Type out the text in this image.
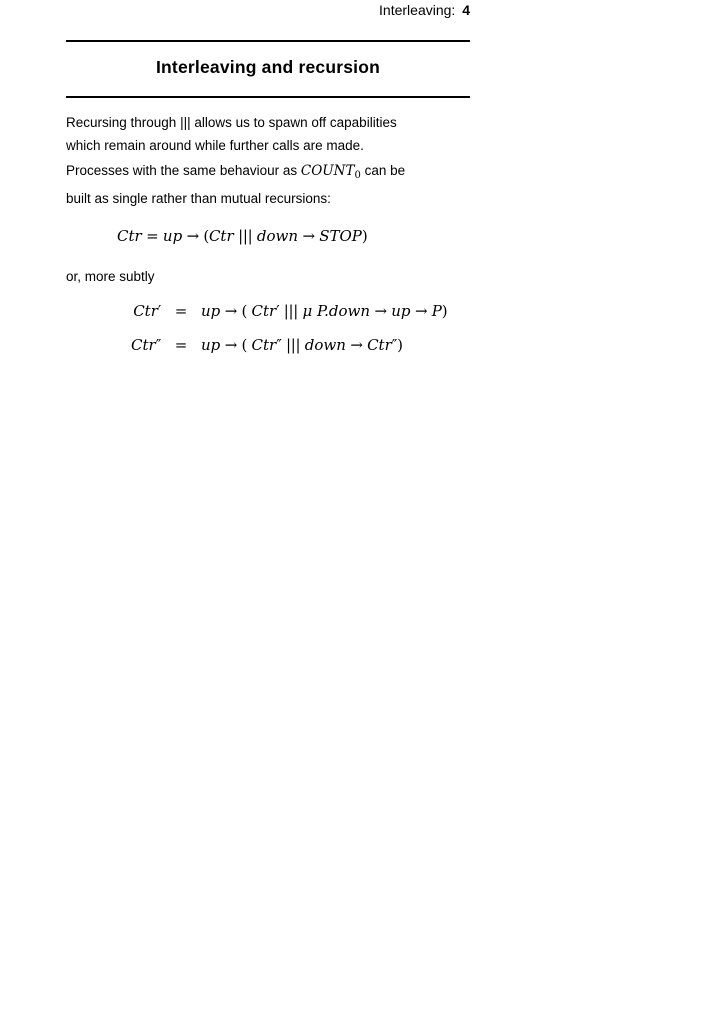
Interleaving: 4
Interleaving and recursion
Recursing through ||| allows us to spawn off capabilities
which remain around while further calls are made.
Processes with the same behaviour as $COUNT_0$ can be
built as single rather than mutual recursions:
Ctr = up → (Ctr ||| down → STOP)
or, more subtly
Ctr′ = up → ( Ctr′ ||| μ P.down → up → P)
Ctr″ = up → ( Ctr″ ||| down → Ctr″)
